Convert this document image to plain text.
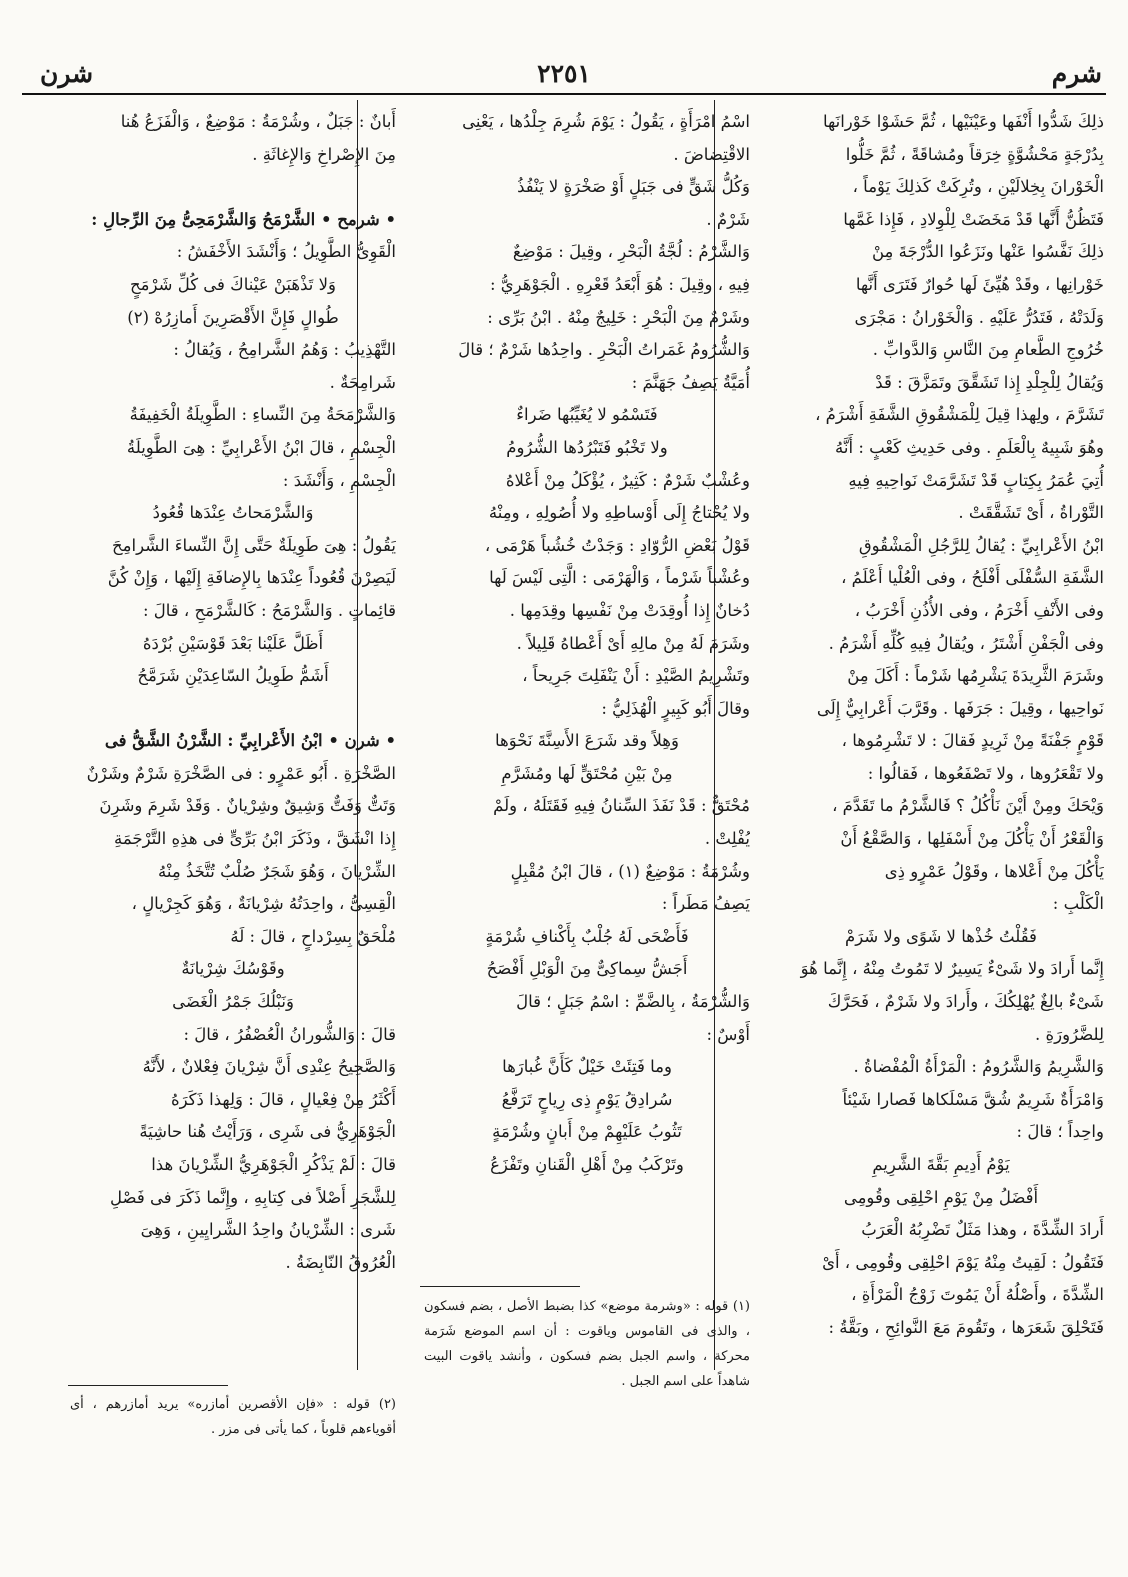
شرم
٢٢٥١
شرن

ذلِكَ شَدُّوا أَنْفَها وعَيْنَيْها ، ثُمَّ حَشَوْا خَوْرانَها

بِدُرْجَةٍ مَحْشُوَّةٍ خِرَقاً ومُشاقَةً ، ثُمَّ خَلُّوا

الْخَوْرانَ بِخِلالَيْنِ ، وتُرِكَتْ كَذلِكَ يَوْماً ،

فَتَظُنُّ أَنَّها قَدْ مَخَضَتْ لِلْوِلادِ ، فَإِذا غَمَّها

ذلِكَ نَفَّسُوا عَنْها ونَزَعُوا الدُّرْجَةَ مِنْ

خَوْرانِها ، وقَدْ هُيِّئَ لَها حُوارٌ فَتَرَى أَنَّها

وَلَدَتْهُ ، فَتَدُرُّ عَلَيْهِ . وَالْخَوْرانُ : مَجْرَى

خُرُوجِ الطَّعامِ مِنَ النَّاسِ وَالدَّوابِّ .

وَيُقالُ لِلْجِلْدِ إِذا تَشَقَّقَ وتَمَزَّقَ : قَدْ

تَشَرَّمَ ، ولِهذا قِيلَ لِلْمَشْقُوقِ الشَّفَةِ أَشْرَمُ ،

وهُوَ شَبِيهٌ بِالْعَلَمِ . وفى حَدِيثِ كَعْبٍ : أَنَّهُ

أُتِيَ عُمَرُ بِكِتابٍ قَدْ تَشَرَّمَتْ نَواحِيهِ فِيهِ

التَّوْراةُ ، أَىْ تَشَقَّقَتْ .

ابْنُ الأَعْرابِيِّ : يُقالُ لِلرَّجُلِ الْمَشْقُوقِ

الشَّفَةِ السُّفْلَى أَفْلَحُ ، وفى الْعُلْيا أَعْلَمُ ،

وفى الأَنْفِ أَخْرَمُ ، وفى الأُذُنِ أَخْرَبُ ،

وفى الْجَفْنِ أَشْتَرُ ، ويُقالُ فِيهِ كُلِّهِ أَشْرَمُ .

وشَرَمَ الثَّرِيدَةَ يَشْرِمُها شَرْماً : أَكَلَ مِنْ

نَواحِيها ، وقِيلَ : جَرَفَها . وقَرَّبَ أَعْرابِيٌّ إِلَى

قَوْمٍ جَفْنَةً مِنْ ثَرِيدٍ فَقالَ : لا تَشْرِمُوها ،

ولا تَقْعَرُوها ، ولا تَصْفَعُوها ، فَقالُوا :

وَيْحَكَ ومِنْ أَيْنَ نَأْكُلُ ؟ فَالشَّرْمُ ما تَقَدَّمَ ،

وَالْقَعْرُ أَنْ يَأْكُلَ مِنْ أَسْفَلِها ، وَالصَّقْعُ أَنْ

يَأْكُلَ مِنْ أَعْلاها ، وقَوْلُ عَمْرٍو ذِى

الْكَلْبِ :

فَقُلْتُ خُذْها لا شَوًى ولا شَرَمْ

إِنَّما أَرادَ ولا شَىْءٌ يَسِيرٌ لا تَمُوتُ مِنْهُ ، إِنَّما هُوَ

شَىْءٌ بالِغٌ يُهْلِكُكَ ، وأَرادَ ولا شَرْمٌ ، فَحَرَّكَ

لِلضَّرُورَةِ .

وَالشَّرِيمُ وَالشَّرُومُ : الْمَرْأَةُ الْمُفْضاةُ .

وَامْرَأَةٌ شَرِيمٌ شُقَّ مَسْلَكاها فَصارا شَيْئاً

واحِداً ؛ قالَ :

يَوْمُ أَدِيمِ بَقَّةَ الشَّرِيمِ

أَفْضَلُ مِنْ يَوْمِ احْلِقِى وقُومِى

أَرادَ الشِّدَّةَ ، وهذا مَثَلٌ تَضْرِبُهُ الْعَرَبُ

فَتَقُولُ : لَقِيتُ مِنْهُ يَوْمَ احْلِقِى وقُومِى ، أَىْ

الشِّدَّةَ ، وأَصْلُهُ أَنْ يَمُوتَ زَوْجُ الْمَرْأَةِ ،

فَتَحْلِقَ شَعَرَها ، وتَقُومَ مَعَ النَّوائِحِ ، وبَقَّةُ :

اسْمُ امْرَأَةٍ ، يَقُولُ : يَوْمَ شُرِمَ جِلْدُها ، يَعْنِى

الاقْتِضاضَ .

وَكُلُّ شَقٍّ فى جَبَلٍ أَوْ صَخْرَةٍ لا يَنْفُذُ

شَرْمٌ .

وَالشَّرْمُ : لُجَّةُ الْبَحْرِ ، وقِيلَ : مَوْضِعٌ

فِيهِ ، وقِيلَ : هُوَ أَبْعَدُ قَعْرِهِ . الْجَوْهَرِيُّ :

وشَرْمٌ مِنَ الْبَحْرِ : خَلِيجٌ مِنْهُ . ابْنُ بَرِّى :

وَالشُّرُومُ غَمَراتُ الْبَحْرِ . واحِدُها شَرْمٌ ؛ قالَ

أُمَيَّةُ يَصِفُ جَهَنَّمَ :

فَتَسْمُو لا يُغَيِّبُها ضَراءٌ

ولا تَخْبُو فَتَبْرُدُها الشُّرُومُ

وعُشْبٌ شَرْمٌ : كَثِيرٌ ، يُؤْكَلُ مِنْ أَعْلاهُ

ولا يُحْتاجُ إِلَى أَوْساطِهِ ولا أُصُولِهِ ، ومِنْهُ

قَوْلُ بَعْضِ الرُّوّادِ : وَجَدْتُ خُشُباً هَرْمَى ،

وعُشْباً شَرْماً ، وَالْهَرْمَى : الَّتِى لَيْسَ لَها

دُخانٌ إِذا أُوقِدَتْ مِنْ نَفْسِها وقِدَمِها .

وشَرَمَ لَهُ مِنْ مالِهِ أَىْ أَعْطاهُ قَلِيلاً .

وتَشْرِيمُ الصَّيْدِ : أَنْ يَنْفَلِتَ جَرِيحاً ،

وقالَ أَبُو كَبِيرٍ الْهُذَلِيُّ :

وَهِلاً وقد شَرَعَ الأَسِنَّةَ نَحْوَها

مِنْ بَيْنِ مُحْتَقٍّ لَها ومُشَرَّمِ

مُحْتَقٌّ : قَدْ نَفَذَ السِّنانُ فِيهِ فَقَتَلَهُ ، ولَمْ

يُفْلِتْ .

وشُرْمَةُ : مَوْضِعٌ (١) ، قالَ ابْنُ مُقْبِلٍ

يَصِفُ مَطَراً :

فَأَضْحَى لَهُ جُلْبٌ بِأَكْنافِ شُرْمَةٍ

أَجَشُّ سِماكِىٌّ مِنَ الْوَبْلِ أَفْصَحُ

وَالشُّرْمَةُ ، بِالضَّمِّ : اسْمُ جَبَلٍ ؛ قالَ

أَوْسٌ :

وما فَتِئَتْ خَيْلٌ كَأَنَّ غُبارَها

سُرادِقُ يَوْمٍ ذِى رِياحٍ تَرَفَّعُ

تَثُوبُ عَلَيْهِمْ مِنْ أَبانٍ وشُرْمَةٍ

وتَرْكَبُ مِنْ أَهْلِ الْقَنانِ وتَفْزَعُ

أَبانٌ : جَبَلٌ ، وشُرْمَةُ : مَوْضِعٌ ، وَالْفَزَعُ هُنا

مِنَ الإِصْراخِ وَالإِغاثَةِ .

• شرمح • الشَّرْمَحُ وَالشَّرْمَحِىُّ مِنَ الرِّجالِ :

الْقَوِىُّ الطَّوِيلُ ؛ وَأَنْشَدَ الأَخْفَشُ :

وَلا تَذْهَبَنْ عَيْناكَ فى كُلِّ شَرْمَحٍ

طُوالٍ فَإِنَّ الأَقْصَرِينَ أَمازِرُهْ (٢)

التَّهْذِيبُ : وَهُمُ الشَّرامِحُ ، وَيُقالُ :

شَرامِحَةٌ .

وَالشَّرْمَحَةُ مِنَ النِّساءِ : الطَّوِيلَةُ الْخَفِيفَةُ

الْجِسْمِ ، قالَ ابْنُ الأَعْرابِيِّ : هِىَ الطَّوِيلَةُ

الْجِسْمِ ، وَأَنْشَدَ :

وَالشَّرْمَحاتُ عِنْدَها قُعُودُ

يَقُولُ : هِىَ طَوِيلَةٌ حَتَّى إِنَّ النِّساءَ الشَّرامِحَ

لَيَصِرْنَ قُعُوداً عِنْدَها بِالإِضافَةِ إِلَيْها ، وَإِنْ كُنَّ

قائِماتٍ . وَالشَّرْمَحُ : كَالشَّرْمَحِ ، قالَ :

أَظَلَّ عَلَيْنا بَعْدَ قَوْسَيْنِ بُرْدَهُ

أَشَمُّ طَوِيلُ السّاعِدَيْنِ شَرَمَّحُ

• شرن • ابْنُ الأَعْرابِيِّ : الشَّرْنُ الشَّقُّ فى

الصَّخْرَةِ . أَبُو عَمْرٍو : فى الصَّخْرَةِ شَرْمٌ وشَرْنٌ

وَتَتٌّ وَفَتٌّ وَشِيقٌ وشِرْيانٌ . وَقَدْ شَرِمَ وشَرِنَ

إِذا انْشَقَّ ، وذَكَرَ ابْنُ بَرِّىٍّ فى هذِهِ التَّرْجَمَةِ

الشِّرْيانَ ، وَهُوَ شَجَرٌ صُلْبٌ تُتَّخَذُ مِنْهُ

الْقِسِىُّ ، واحِدَتُهُ شِرْيانَةٌ ، وَهُوَ كَجِرْيالٍ ،

مُلْحَقٌ بِسِرْداحٍ ، قالَ : لَهُ

وقَوْسُكَ شِرْيانَةٌ

وَنَبْلُكَ جَمْرُ الْغَضَى

قالَ : وَالشُّورانُ الْعُصْفُرُ ، قالَ :

وَالصَّحِيحُ عِنْدِى أَنَّ شِرْيانَ فِعْلانٌ ، لأَنَّهُ

أَكْثَرُ مِنْ فِعْيالٍ ، قالَ : وَلِهذا ذَكَرَهُ

الْجَوْهَرِيُّ فى شَرِى ، وَرَأَيْتُ هُنا حاشِيَةً

قالَ : لَمْ يَذْكُرِ الْجَوْهَرِيُّ الشِّرْيانَ هذا

لِلشَّجَرِ أَصْلاً فى كِتابِهِ ، وإِنَّما ذَكَرَ فى فَصْلِ

شَرى : الشِّرْيانُ واحِدُ الشَّرايِينِ ، وَهِىَ

الْعُرُوقُ النّابِضَةُ .

(١) قوله : «وشرمة موضع» كذا بضبط الأصل ، بضم فسكون ، والذى فى القاموس وياقوت : أن اسم الموضع شَرَمة محركة ، واسم الجبل بضم فسكون ، وأنشد ياقوت البيت شاهداً على اسم الجبل .
(٢) قوله : «فإن الأقصرين أمازره» يريد أمازرهم ، أى أقوياءهم قلوباً ، كما يأتى فى مزر .
